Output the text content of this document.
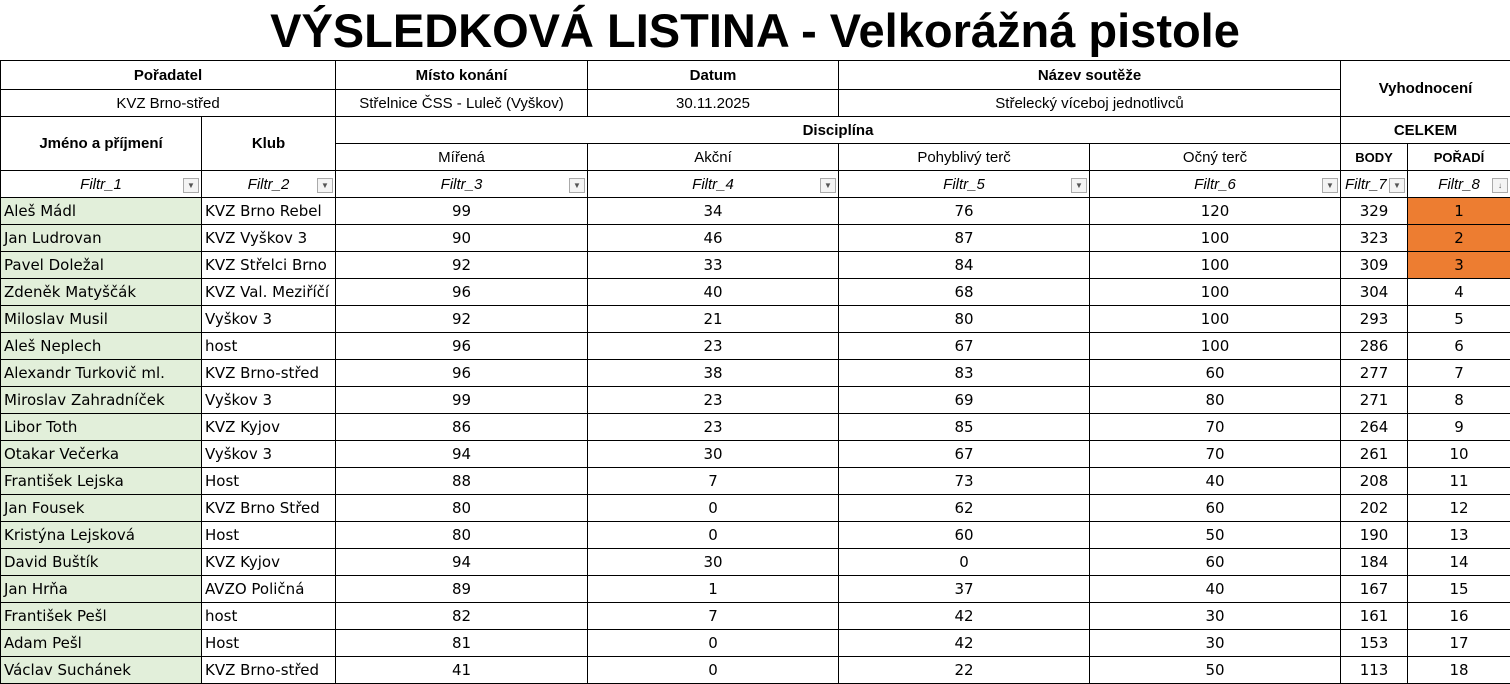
VÝSLEDKOVÁ LISTINA - Velkorážná pistole
Pořadatel		Místo konání	Datum	Název soutěže		Vyhodnocení	
KVZ Brno-střed		Střelnice ČSS - Luleč (Vyškov)	30.11.2025	Střelecký víceboj jednotlivců			
Jméno a příjmení	Klub	Disciplína				CELKEM	
		Mířená	Akční	Pohyblivý terč	Očný terč	BODY	POŘADÍ
Filtr_1 ▼	Filtr_2 ▼	Filtr_3 ▼	Filtr_4 ▼	Filtr_5 ▼	Filtr_6 ▼	Filtr_7 ▼	Filtr_8 ↓

Aleš Mádl	KVZ Brno Rebel	99	34	76	120	329	1
Jan Ludrovan	KVZ Vyškov 3	90	46	87	100	323	2
Pavel Doležal	KVZ Střelci Brno	92	33	84	100	309	3
Zdeněk Matyščák	KVZ Val. Meziříčí	96	40	68	100	304	4
Miloslav Musil	Vyškov 3	92	21	80	100	293	5
Aleš Neplech	host	96	23	67	100	286	6
Alexandr Turkovič ml.	KVZ Brno-střed	96	38	83	60	277	7
Miroslav Zahradníček	Vyškov 3	99	23	69	80	271	8
Libor Toth	KVZ Kyjov	86	23	85	70	264	9
Otakar Večerka	Vyškov 3	94	30	67	70	261	10
František Lejska	Host	88	7	73	40	208	11
Jan Fousek	KVZ Brno Střed	80	0	62	60	202	12
Kristýna Lejsková	Host	80	0	60	50	190	13
David Buštík	KVZ Kyjov	94	30	0	60	184	14
Jan Hrňa	AVZO Poličná	89	1	37	40	167	15
František Pešl	host	82	7	42	30	161	16
Adam Pešl	Host	81	0	42	30	153	17
Václav Suchánek	KVZ Brno-střed	41	0	22	50	113	18
